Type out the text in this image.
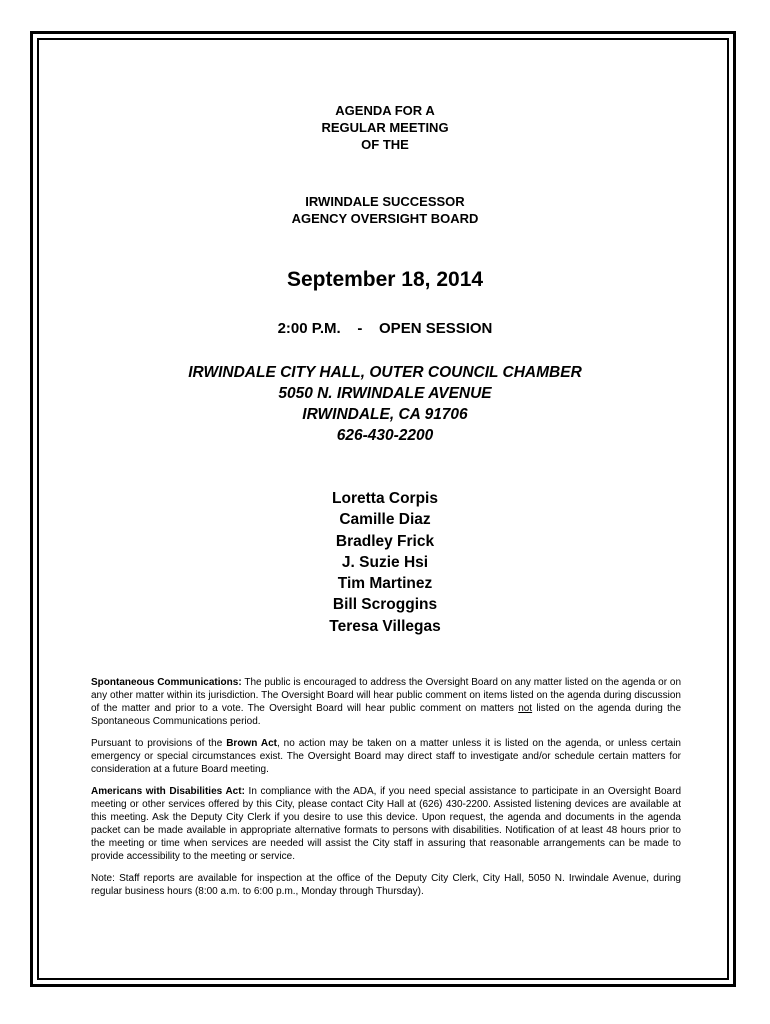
AGENDA FOR A
REGULAR MEETING
OF THE
IRWINDALE SUCCESSOR
AGENCY OVERSIGHT BOARD
September 18, 2014
2:00 P.M.    -    OPEN SESSION
IRWINDALE CITY HALL, OUTER COUNCIL CHAMBER
5050 N. IRWINDALE AVENUE
IRWINDALE, CA 91706
626-430-2200
Loretta Corpis
Camille Diaz
Bradley Frick
J. Suzie Hsi
Tim Martinez
Bill Scroggins
Teresa Villegas

Spontaneous Communications: The public is encouraged to address the Oversight Board on any matter listed on the agenda or on any other matter within its jurisdiction. The Oversight Board will hear public comment on items listed on the agenda during discussion of the matter and prior to a vote. The Oversight Board will hear public comment on matters not listed on the agenda during the Spontaneous Communications period.

Pursuant to provisions of the Brown Act, no action may be taken on a matter unless it is listed on the agenda, or unless certain emergency or special circumstances exist. The Oversight Board may direct staff to investigate and/or schedule certain matters for consideration at a future Board meeting.

Americans with Disabilities Act: In compliance with the ADA, if you need special assistance to participate in an Oversight Board meeting or other services offered by this City, please contact City Hall at (626) 430-2200. Assisted listening devices are available at this meeting. Ask the Deputy City Clerk if you desire to use this device. Upon request, the agenda and documents in the agenda packet can be made available in appropriate alternative formats to persons with disabilities. Notification of at least 48 hours prior to the meeting or time when services are needed will assist the City staff in assuring that reasonable arrangements can be made to provide accessibility to the meeting or service.

Note: Staff reports are available for inspection at the office of the Deputy City Clerk, City Hall, 5050 N. Irwindale Avenue, during regular business hours (8:00 a.m. to 6:00 p.m., Monday through Thursday).
